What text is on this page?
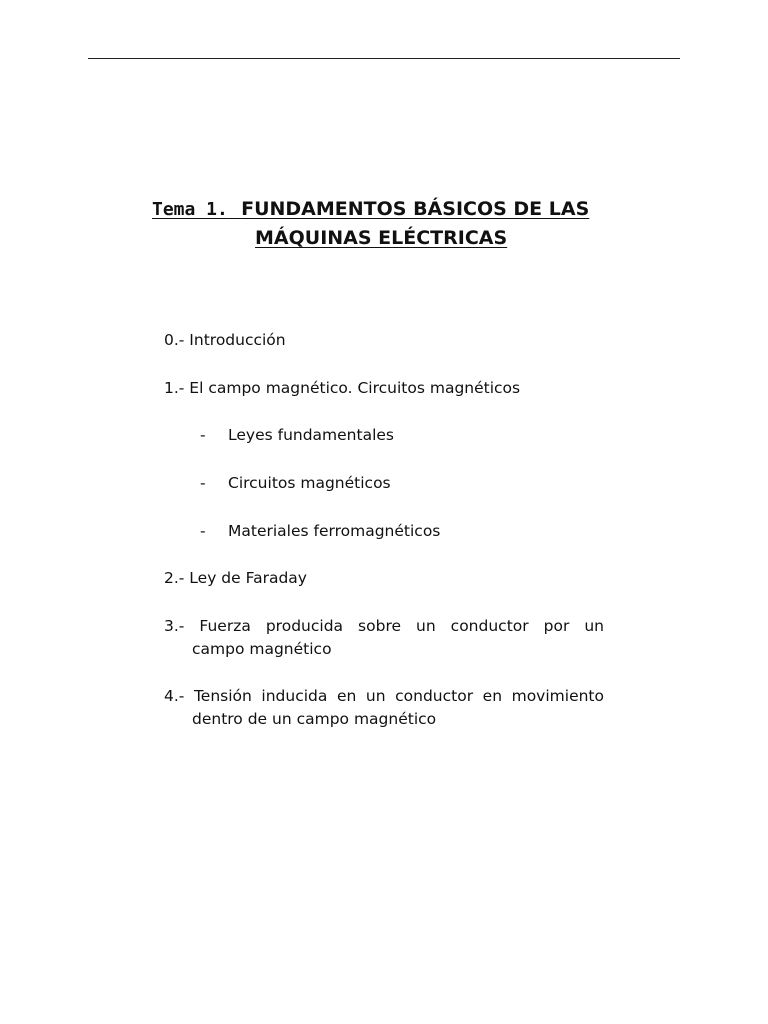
Tema 1. FUNDAMENTOS BÁSICOS DE LAS
MÁQUINAS ELÉCTRICAS
0.- Introducción
1.- El campo magnético. Circuitos magnéticos
- Leyes fundamentales
- Circuitos magnéticos
- Materiales ferromagnéticos
2.- Ley de Faraday
3.- Fuerza producida sobre un conductor por un
campo magnético
4.- Tensión inducida en un conductor en movimiento
dentro de un campo magnético
